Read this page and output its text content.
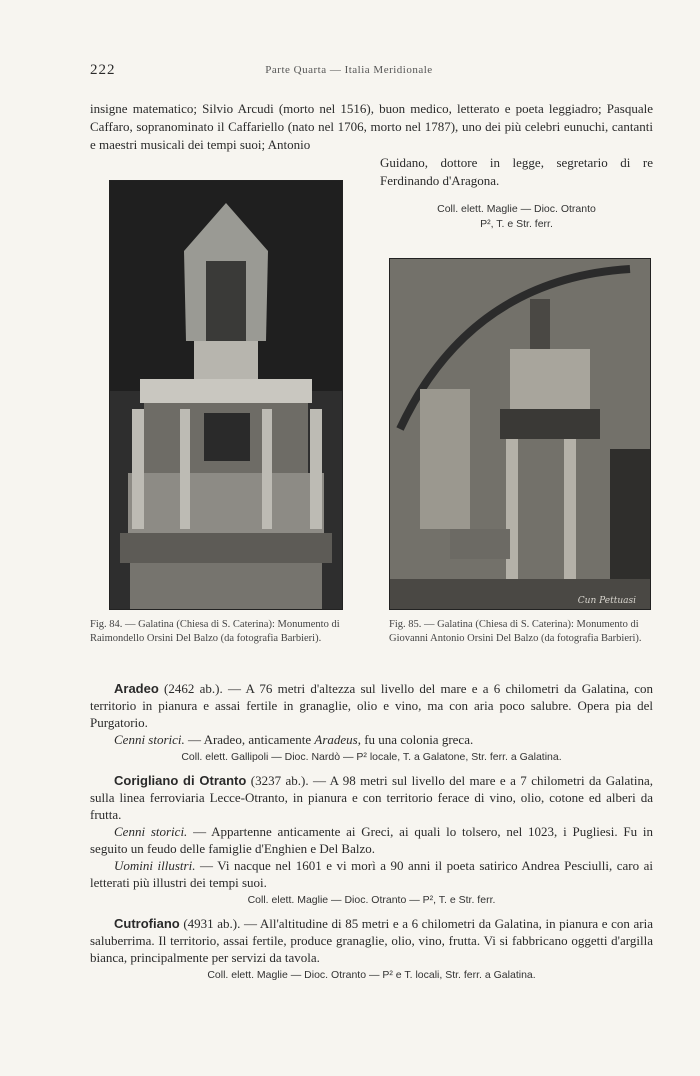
222	Parte Quarta — Italia Meridionale
insigne matematico; Silvio Arcudi (morto nel 1516), buon medico, letterato e poeta leggiadro; Pasquale Caffaro, sopranominato il Caffariello (nato nel 1706, morto nel 1787), uno dei più celebri eunuchi, cantanti e maestri musicali dei tempi suoi; Antonio
Guidano, dottore in legge, segretario di re Ferdinando d'Aragona.
Coll. elett. Maglie — Dioc. Otranto
P², T. e Str. ferr.
Cun Pettuasi
Fig. 84. — Galatina (Chiesa di S. Caterina): Monumento di Raimondello Orsini Del Balzo (da fotografia Barbieri).
Fig. 85. — Galatina (Chiesa di S. Caterina): Monumento di Giovanni Antonio Orsini Del Balzo (da fotografia Barbieri).

Aradeo (2462 ab.). — A 76 metri d'altezza sul livello del mare e a 6 chilometri da Galatina, con territorio in pianura e assai fertile in granaglie, olio e vino, ma con aria poco salubre. Opera pia del Purgatorio.

Cenni storici. — Aradeo, anticamente Aradeus, fu una colonia greca.

Coll. elett. Gallipoli — Dioc. Nardò — P² locale, T. a Galatone, Str. ferr. a Galatina.

Corigliano di Otranto (3237 ab.). — A 98 metri sul livello del mare e a 7 chilometri da Galatina, sulla linea ferroviaria Lecce-Otranto, in pianura e con territorio ferace di vino, olio, cotone ed alberi da frutta.

Cenni storici. — Appartenne anticamente ai Greci, ai quali lo tolsero, nel 1023, i Pugliesi. Fu in seguito un feudo delle famiglie d'Enghien e Del Balzo.

Uomini illustri. — Vi nacque nel 1601 e vi morì a 90 anni il poeta satirico Andrea Pesciulli, caro ai letterati più illustri dei tempi suoi.

Coll. elett. Maglie — Dioc. Otranto — P², T. e Str. ferr.

Cutrofiano (4931 ab.). — All'altitudine di 85 metri e a 6 chilometri da Galatina, in pianura e con aria saluberrima. Il territorio, assai fertile, produce granaglie, olio, vino, frutta. Vi si fabbricano oggetti d'argilla bianca, principalmente per servizi da tavola.

Coll. elett. Maglie — Dioc. Otranto — P² e T. locali, Str. ferr. a Galatina.
